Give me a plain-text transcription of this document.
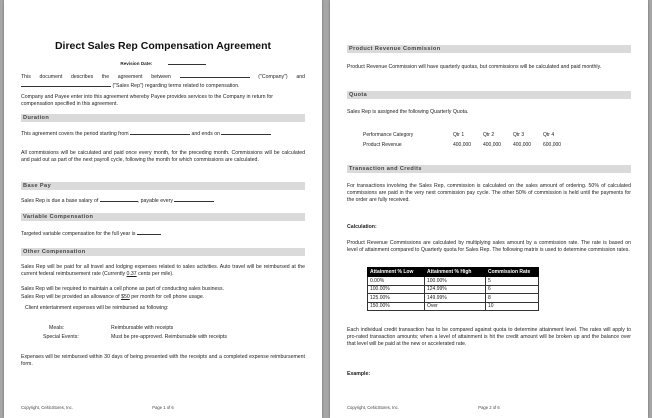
Direct Sales Rep Compensation Agreement
Revision Date:

This document describes the agreement between	("Company") and  ("Sales Rep") regarding terms related to compensation.

Company and Payee enter into this agreement whereby Payee provides services to the Company in return for compensation specified in this agreement.

Duration

This agreement covers the period starting from	and ends on

All commissions will be calculated and paid once every month, for the preceding month. Commissions will be calculated and paid out as part of the next payroll cycle, following the month for which commissions are calculated.

Base Pay

Sales Rep is due a base salary of	, payable every

Variable Compensation

Targeted variable compensation for the full year is

Other Compensation

Sales Rep will be paid for all travel and lodging expenses related to sales activities. Auto travel will be reimbursed at the current federal reimbursement rate (Currently 0.37 cents per mile).

Sales Rep will be required to maintain a cell phone as part of conducting sales business.

Sales Rep will be provided an allowance of $50 per month for cell phone usage.

Client entertainment expenses will be reimbursed as following:

Meals:	Reimbursable with receipts
Special Events:	Must be pre-approved. Reimbursable with receipts

Expenses will be reimbursed within 30 days of being presented with the receipts and a completed expense reimbursement form.

Copyright, CelticStores, Inc.	Page 1 of 6
Product Revenue Commission

Product Revenue Commission will have quarterly quotas, but commissions will be calculated and paid monthly.

Quota

Sales Rep is assigned the following Quarterly Quota.

Performance Category	Qtr 1	Qtr 2	Qtr 3	Qtr 4
Product Revenue	400,000	400,000	400,000	600,000
Transaction and Credits

For transactions involving the Sales Rep, commission is calculated on the sales amount of ordering. 50% of calculated commissions are paid in the very next commission pay cycle. The other 50% of commission is held until the payments for the order are fully received.

Calculation:

Product Revenue Commissions are calculated by multiplying sales amount by a commission rate. The rate is based on level of attainment compared to Quarterly quota for Sales Rep. The following matrix is used to determine commission rates.

Attainment % Low	Attainment % High	Commission Rate
0.00%	100.00%	5
100.00%	124.99%	6
125.00%	149.99%	8
150.00%	Over	10

Each individual credit transaction has to be compared against quota to determine attainment level. The rates will apply to pro-rated transaction amounts; when a level of attainment is hit the credit amount will be broken up and the balance over that level will be paid at the new or accelerated rate.

Example:

Copyright, CelticStores, Inc.	Page 2 of 6
